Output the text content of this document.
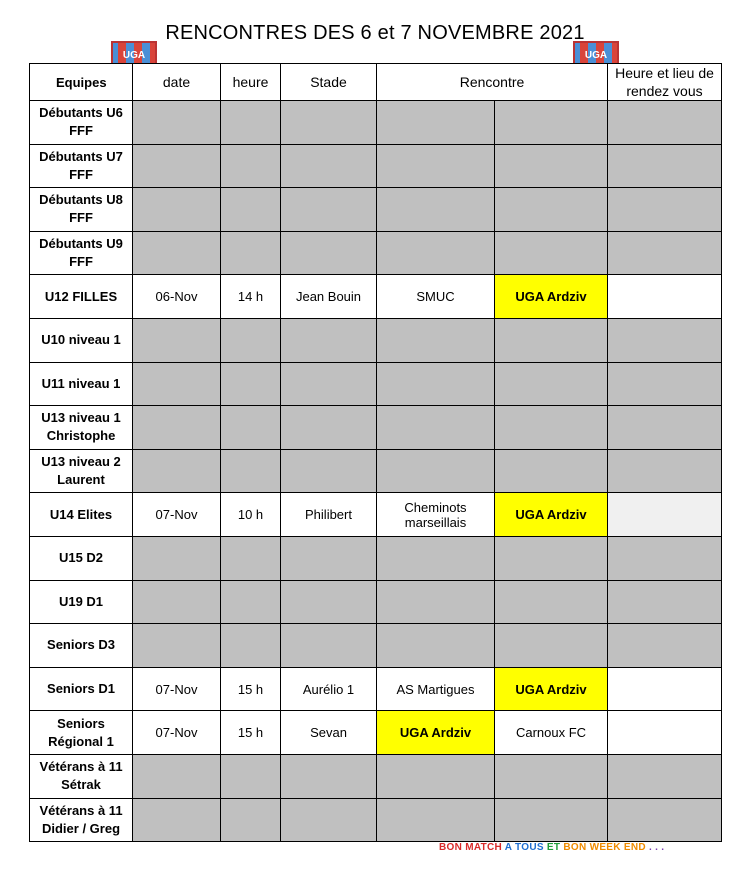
RENCONTRES DES 6 et 7 NOVEMBRE 2021
UGA	UGA
Equipes	date	heure	Stade	Rencontre		Heure et lieu de rendez vous
Débutants U6 FFF						
Débutants U7 FFF						
Débutants U8 FFF						
Débutants U9 FFF						
U12 FILLES	06-Nov	14 h	Jean Bouin	SMUC	UGA Ardziv	
U10 niveau 1						
U11 niveau 1						
U13 niveau 1 Christophe						
U13 niveau 2 Laurent						
U14 Elites	07-Nov	10 h	Philibert	Cheminots marseillais	UGA Ardziv	
U15 D2						
U19 D1						
Seniors D3						
Seniors D1	07-Nov	15 h	Aurélio 1	AS Martigues	UGA Ardziv	
Seniors Régional 1	07-Nov	15 h	Sevan	UGA Ardziv	Carnoux FC	
Vétérans à 11 Sétrak						
Vétérans à 11 Didier / Greg						
BON MATCH A TOUS ET BON WEEK END . . .
